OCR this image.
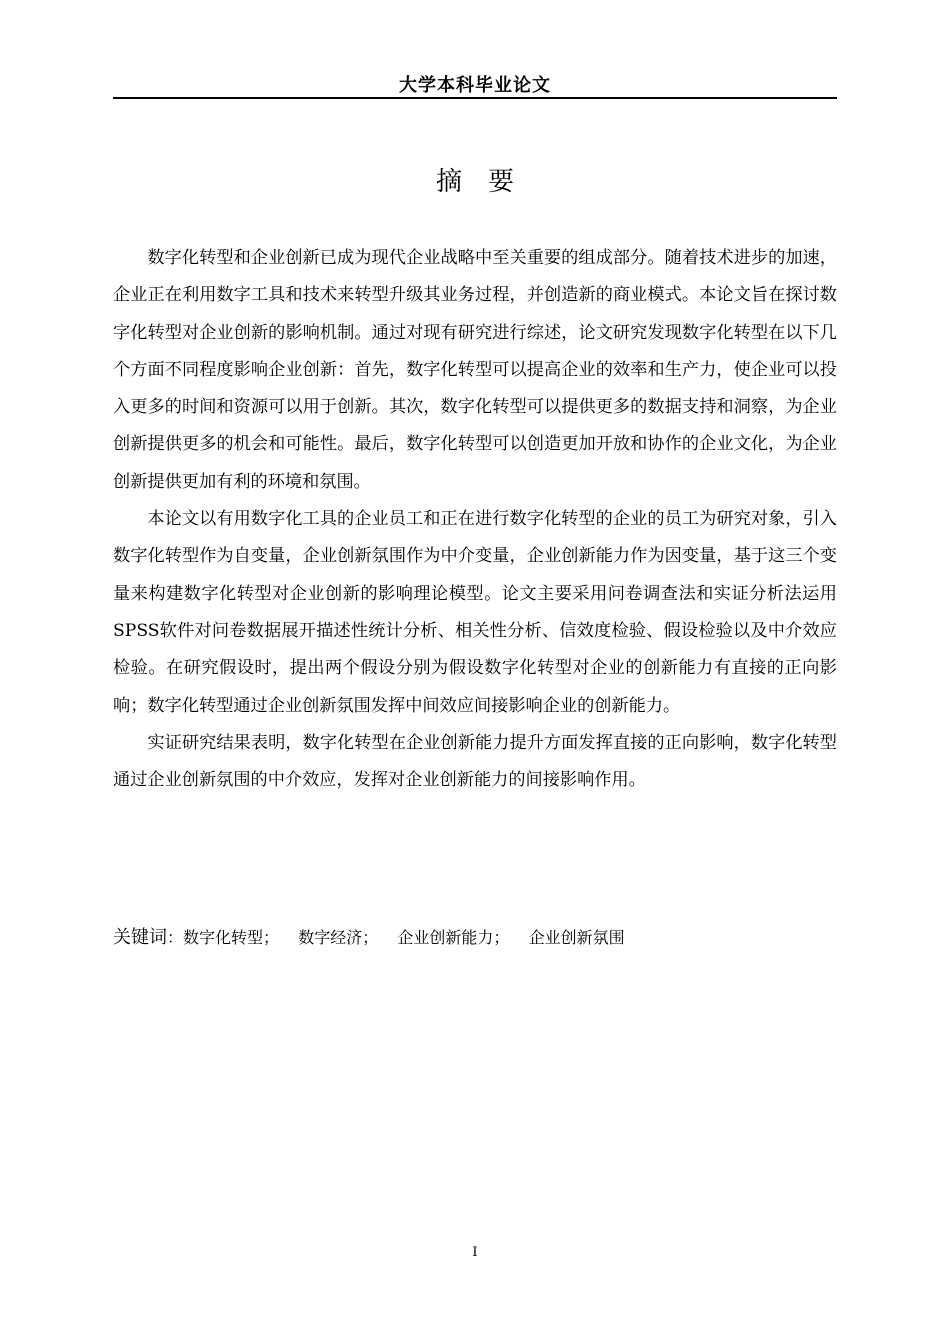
大学本科毕业论文
摘　要

数字化转型和企业创新已成为现代企业战略中至关重要的组成部分。随着技术进步的加速，企业正在利用数字工具和技术来转型升级其业务过程，并创造新的商业模式。本论文旨在探讨数字化转型对企业创新的影响机制。通过对现有研究进行综述，论文研究发现数字化转型在以下几个方面不同程度影响企业创新：首先，数字化转型可以提高企业的效率和生产力，使企业可以投入更多的时间和资源可以用于创新。其次，数字化转型可以提供更多的数据支持和洞察，为企业创新提供更多的机会和可能性。最后，数字化转型可以创造更加开放和协作的企业文化，为企业创新提供更加有利的环境和氛围。

本论文以有用数字化工具的企业员工和正在进行数字化转型的企业的员工为研究对象，引入数字化转型作为自变量，企业创新氛围作为中介变量，企业创新能力作为因变量，基于这三个变量来构建数字化转型对企业创新的影响理论模型。论文主要采用问卷调查法和实证分析法运用SPSS软件对问卷数据展开描述性统计分析、相关性分析、信效度检验、假设检验以及中介效应检验。在研究假设时，提出两个假设分别为假设数字化转型对企业的创新能力有直接的正向影响；数字化转型通过企业创新氛围发挥中间效应间接影响企业的创新能力。

实证研究结果表明，数字化转型在企业创新能力提升方面发挥直接的正向影响，数字化转型通过企业创新氛围的中介效应，发挥对企业创新能力的间接影响作用。

关键词：数字化转型； 数字经济； 企业创新能力； 企业创新氛围
I
